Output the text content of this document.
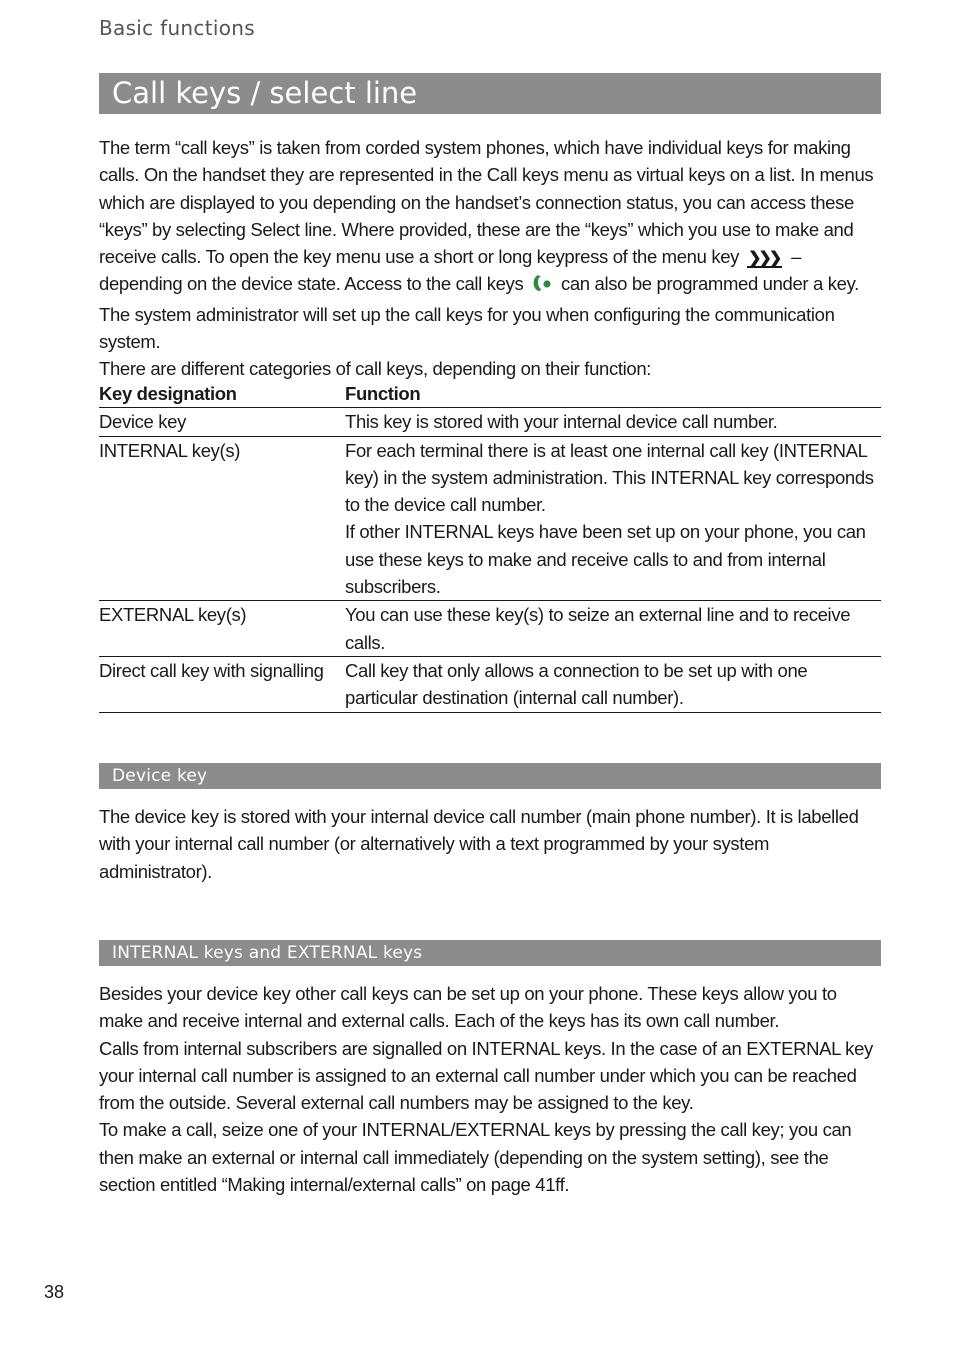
Basic functions
Call keys / select line

The term “call keys” is taken from corded system phones, which have individual keys for making calls. On the handset they are represented in the Call keys menu as virtual keys on a list. In menus which are displayed to you depending on the handset’s connection status, you can access these “keys” by selecting Select line. Where provided, these are the “keys” which you use to make and receive calls. To open the key menu use a short or long keypress of the menu key ❯❯❯ – depending on the device state. Access to the call keys can also be programmed under a key. The system administrator will set up the call keys for you when configuring the communication system.

There are different categories of call keys, depending on their function:

Key designation	Function
Device key	This key is stored with your internal device call number.

INTERNAL key(s)	For each terminal there is at least one internal call key (INTERNAL key) in the system administration. This INTERNAL key corresponds to the device call number.
If other INTERNAL keys have been set up on your phone, you can use these keys to make and receive calls to and from internal subscribers.

EXTERNAL key(s)	You can use these key(s) to seize an external line and to receive calls.

Direct call key with signalling	Call key that only allows a connection to be set up with one particular destination (internal call number).
Device key

The device key is stored with your internal device call number (main phone number). It is labelled with your internal call number (or alternatively with a text programmed by your system administrator).

INTERNAL keys and EXTERNAL keys

Besides your device key other call keys can be set up on your phone. These keys allow you to make and receive internal and external calls. Each of the keys has its own call number.

Calls from internal subscribers are signalled on INTERNAL keys. In the case of an EXTERNAL key your internal call number is assigned to an external call number under which you can be reached from the outside. Several external call numbers may be assigned to the key.

To make a call, seize one of your INTERNAL/EXTERNAL keys by pressing the call key; you can then make an external or internal call immediately (depending on the system setting), see the section entitled “Making internal/external calls” on page 41ff.

38
